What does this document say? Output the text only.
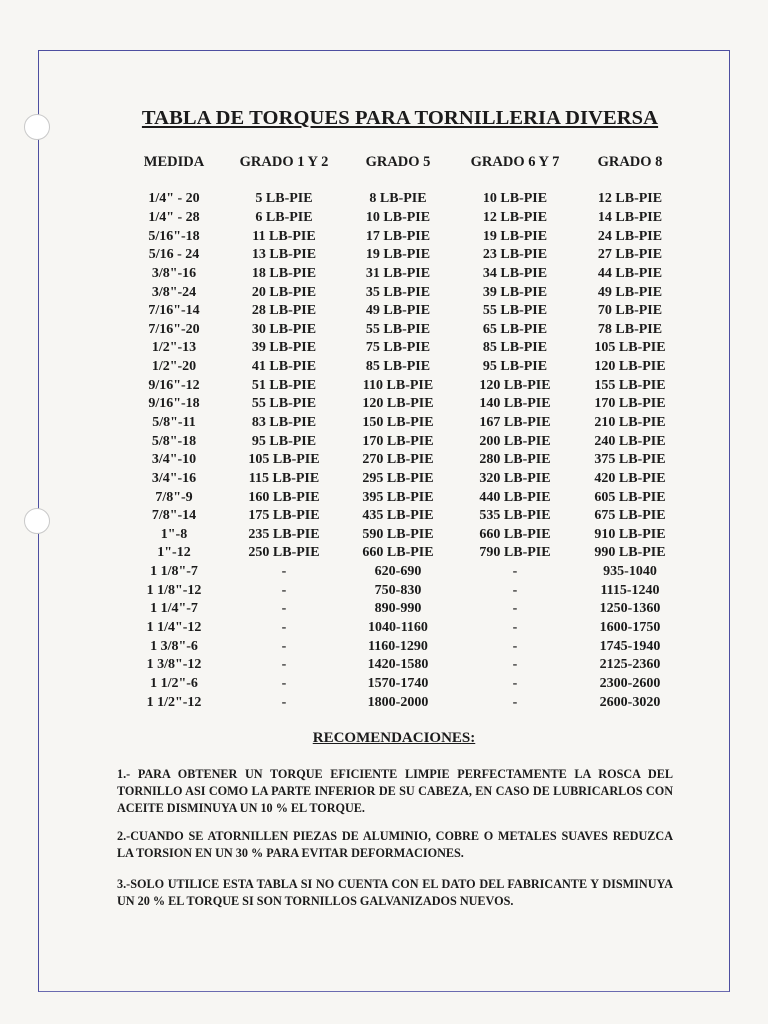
TABLA DE TORQUES PARA TORNILLERIA DIVERSA
MEDIDA	GRADO 1 Y 2	GRADO 5	GRADO 6 Y 7	GRADO 8

1/4" - 20	5 LB-PIE	8 LB-PIE	10 LB-PIE	12 LB-PIE
1/4" - 28	6 LB-PIE	10 LB-PIE	12 LB-PIE	14 LB-PIE
5/16"-18	11 LB-PIE	17 LB-PIE	19 LB-PIE	24 LB-PIE
5/16 - 24	13 LB-PIE	19 LB-PIE	23 LB-PIE	27 LB-PIE
3/8"-16	18 LB-PIE	31 LB-PIE	34 LB-PIE	44 LB-PIE
3/8"-24	20 LB-PIE	35 LB-PIE	39 LB-PIE	49 LB-PIE
7/16"-14	28 LB-PIE	49 LB-PIE	55 LB-PIE	70 LB-PIE
7/16"-20	30 LB-PIE	55 LB-PIE	65 LB-PIE	78 LB-PIE
1/2"-13	39 LB-PIE	75 LB-PIE	85 LB-PIE	105 LB-PIE
1/2"-20	41 LB-PIE	85 LB-PIE	95 LB-PIE	120 LB-PIE
9/16"-12	51 LB-PIE	110 LB-PIE	120 LB-PIE	155 LB-PIE
9/16"-18	55 LB-PIE	120 LB-PIE	140 LB-PIE	170 LB-PIE
5/8"-11	83 LB-PIE	150 LB-PIE	167 LB-PIE	210 LB-PIE
5/8"-18	95 LB-PIE	170 LB-PIE	200 LB-PIE	240 LB-PIE
3/4"-10	105 LB-PIE	270 LB-PIE	280 LB-PIE	375 LB-PIE
3/4"-16	115 LB-PIE	295 LB-PIE	320 LB-PIE	420 LB-PIE
7/8"-9	160 LB-PIE	395 LB-PIE	440 LB-PIE	605 LB-PIE
7/8"-14	175 LB-PIE	435 LB-PIE	535 LB-PIE	675 LB-PIE
1"-8	235 LB-PIE	590 LB-PIE	660 LB-PIE	910 LB-PIE
1"-12	250 LB-PIE	660 LB-PIE	790 LB-PIE	990 LB-PIE
1 1/8"-7	-	620-690	-	935-1040
1 1/8"-12	-	750-830	-	1115-1240
1 1/4"-7	-	890-990	-	1250-1360
1 1/4"-12	-	1040-1160	-	1600-1750
1 3/8"-6	-	1160-1290	-	1745-1940
1 3/8"-12	-	1420-1580	-	2125-2360
1 1/2"-6	-	1570-1740	-	2300-2600
1 1/2"-12	-	1800-2000	-	2600-3020
RECOMENDACIONES:
1.- PARA OBTENER UN TORQUE EFICIENTE LIMPIE PERFECTAMENTE LA ROSCA DEL TORNILLO ASI COMO LA PARTE INFERIOR DE SU CABEZA, EN CASO DE LUBRICARLOS CON ACEITE DISMINUYA UN 10 % EL TORQUE.
2.-CUANDO SE ATORNILLEN PIEZAS DE ALUMINIO, COBRE O METALES SUAVES REDUZCA LA TORSION EN UN 30 % PARA EVITAR DEFORMACIONES.
3.-SOLO UTILICE ESTA TABLA SI NO CUENTA CON EL DATO DEL FABRICANTE Y DISMINUYA UN 20 % EL TORQUE SI SON TORNILLOS GALVANIZADOS NUEVOS.
